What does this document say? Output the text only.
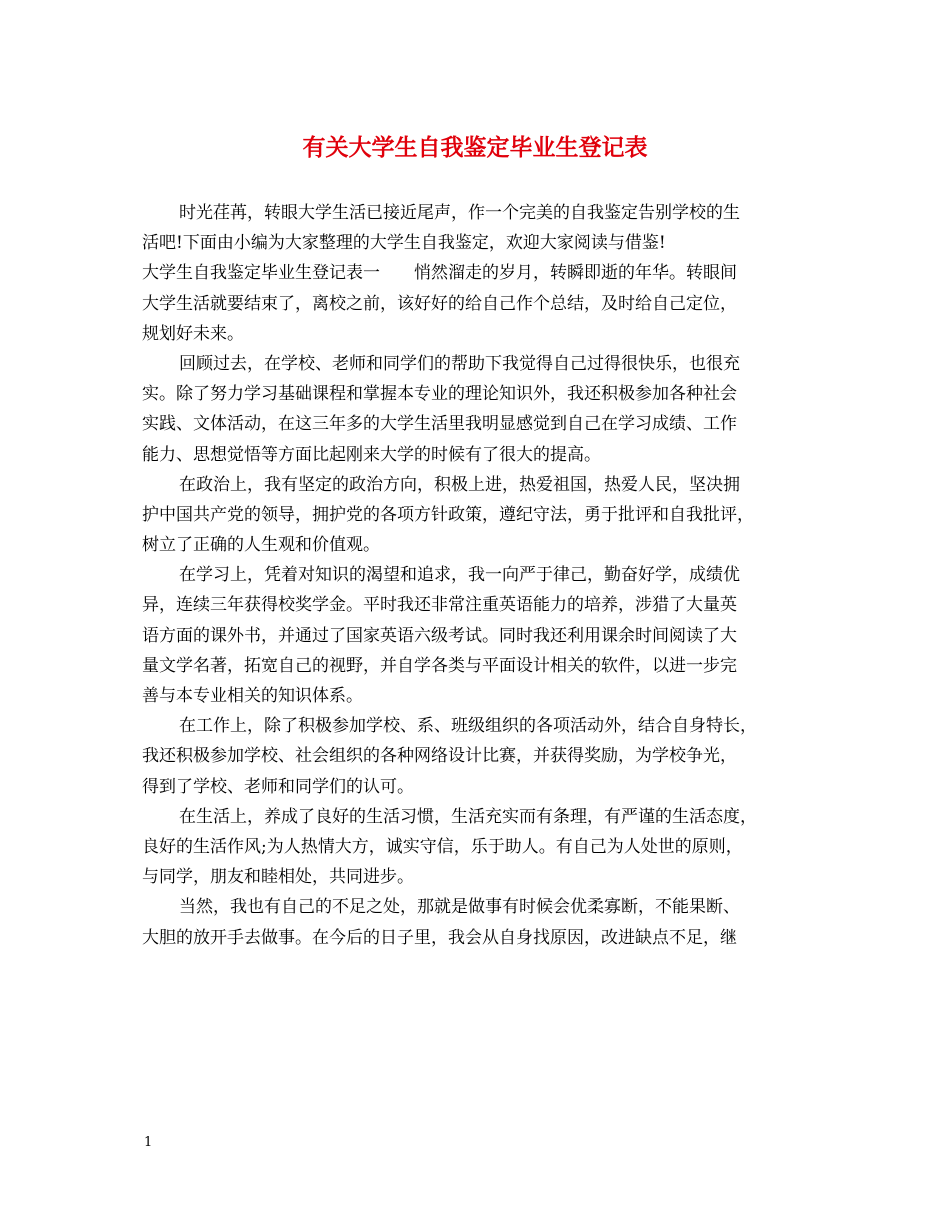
有关大学生自我鉴定毕业生登记表
时光荏苒，转眼大学生活已接近尾声，作一个完美的自我鉴定告别学校的生
活吧!下面由小编为大家整理的大学生自我鉴定，欢迎大家阅读与借鉴!
大学生自我鉴定毕业生登记表一　　悄然溜走的岁月，转瞬即逝的年华。转眼间
大学生活就要结束了，离校之前，该好好的给自己作个总结，及时给自己定位，
规划好未来。
回顾过去，在学校、老师和同学们的帮助下我觉得自己过得很快乐，也很充
实。除了努力学习基础课程和掌握本专业的理论知识外，我还积极参加各种社会
实践、文体活动，在这三年多的大学生活里我明显感觉到自己在学习成绩、工作
能力、思想觉悟等方面比起刚来大学的时候有了很大的提高。
在政治上，我有坚定的政治方向，积极上进，热爱祖国，热爱人民，坚决拥
护中国共产党的领导，拥护党的各项方针政策，遵纪守法，勇于批评和自我批评，
树立了正确的人生观和价值观。
在学习上，凭着对知识的渴望和追求，我一向严于律己，勤奋好学，成绩优
异，连续三年获得校奖学金。平时我还非常注重英语能力的培养，涉猎了大量英
语方面的课外书，并通过了国家英语六级考试。同时我还利用课余时间阅读了大
量文学名著，拓宽自己的视野，并自学各类与平面设计相关的软件，以进一步完
善与本专业相关的知识体系。
在工作上，除了积极参加学校、系、班级组织的各项活动外，结合自身特长，
我还积极参加学校、社会组织的各种网络设计比赛，并获得奖励，为学校争光，
得到了学校、老师和同学们的认可。
在生活上，养成了良好的生活习惯，生活充实而有条理，有严谨的生活态度，
良好的生活作风;为人热情大方，诚实守信，乐于助人。有自己为人处世的原则，
与同学，朋友和睦相处，共同进步。
当然，我也有自己的不足之处，那就是做事有时候会优柔寡断，不能果断、
大胆的放开手去做事。在今后的日子里，我会从自身找原因，改进缺点不足，继
1
